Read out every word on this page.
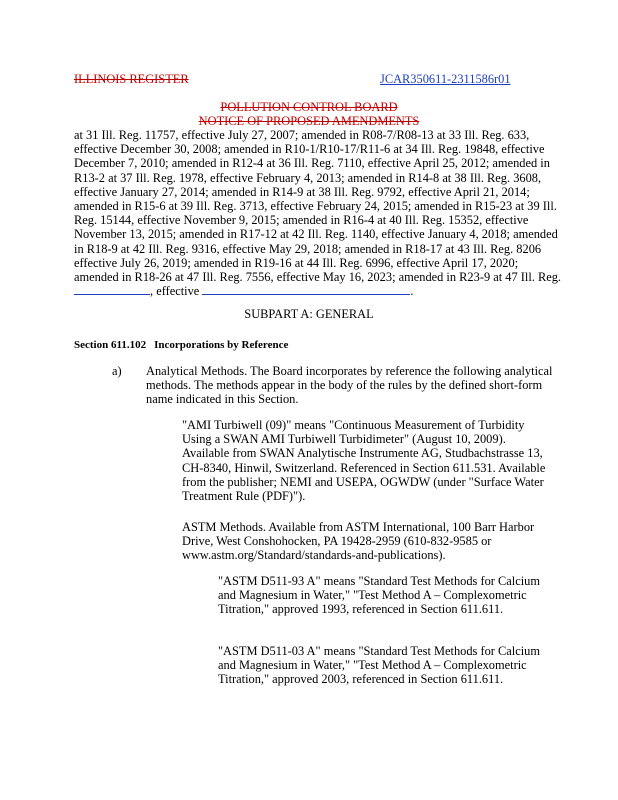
ILLINOIS REGISTER	JCAR350611-2311586r01
POLLUTION CONTROL BOARD
NOTICE OF PROPOSED AMENDMENTS
at 31 Ill. Reg. 11757, effective July 27, 2007; amended in R08-7/R08-13 at 33 Ill. Reg. 633, effective December 30, 2008; amended in R10-1/R10-17/R11-6 at 34 Ill. Reg. 19848, effective December 7, 2010; amended in R12-4 at 36 Ill. Reg. 7110, effective April 25, 2012; amended in R13-2 at 37 Ill. Reg. 1978, effective February 4, 2013; amended in R14-8 at 38 Ill. Reg. 3608, effective January 27, 2014; amended in R14-9 at 38 Ill. Reg. 9792, effective April 21, 2014; amended in R15-6 at 39 Ill. Reg. 3713, effective February 24, 2015; amended in R15-23 at 39 Ill. Reg. 15144, effective November 9, 2015; amended in R16-4 at 40 Ill. Reg. 15352, effective November 13, 2015; amended in R17-12 at 42 Ill. Reg. 1140, effective January 4, 2018; amended in R18-9 at 42 Ill. Reg. 9316, effective May 29, 2018; amended in R18-17 at 43 Ill. Reg. 8206 effective July 26, 2019; amended in R19-16 at 44 Ill. Reg. 6996, effective April 17, 2020; amended in R18-26 at 47 Ill. Reg. 7556, effective May 16, 2023; amended in R23-9 at 47 Ill. Reg. , effective	.
SUBPART A: GENERAL
Section 611.102 Incorporations by Reference
a) Analytical Methods. The Board incorporates by reference the following analytical methods. The methods appear in the body of the rules by the defined short-form name indicated in this Section.
"AMI Turbiwell (09)" means "Continuous Measurement of Turbidity Using a SWAN AMI Turbiwell Turbidimeter" (August 10, 2009). Available from SWAN Analytische Instrumente AG, Studbachstrasse 13, CH-8340, Hinwil, Switzerland. Referenced in Section 611.531. Available from the publisher; NEMI and USEPA, OGWDW (under "Surface Water Treatment Rule (PDF)").
ASTM Methods. Available from ASTM International, 100 Barr Harbor Drive, West Conshohocken, PA 19428-2959 (610-832-9585 or www.astm.org/Standard/standards-and-publications).
"ASTM D511-93 A" means "Standard Test Methods for Calcium and Magnesium in Water," "Test Method A – Complexometric Titration," approved 1993, referenced in Section 611.611.
"ASTM D511-03 A" means "Standard Test Methods for Calcium and Magnesium in Water," "Test Method A – Complexometric Titration," approved 2003, referenced in Section 611.611.
